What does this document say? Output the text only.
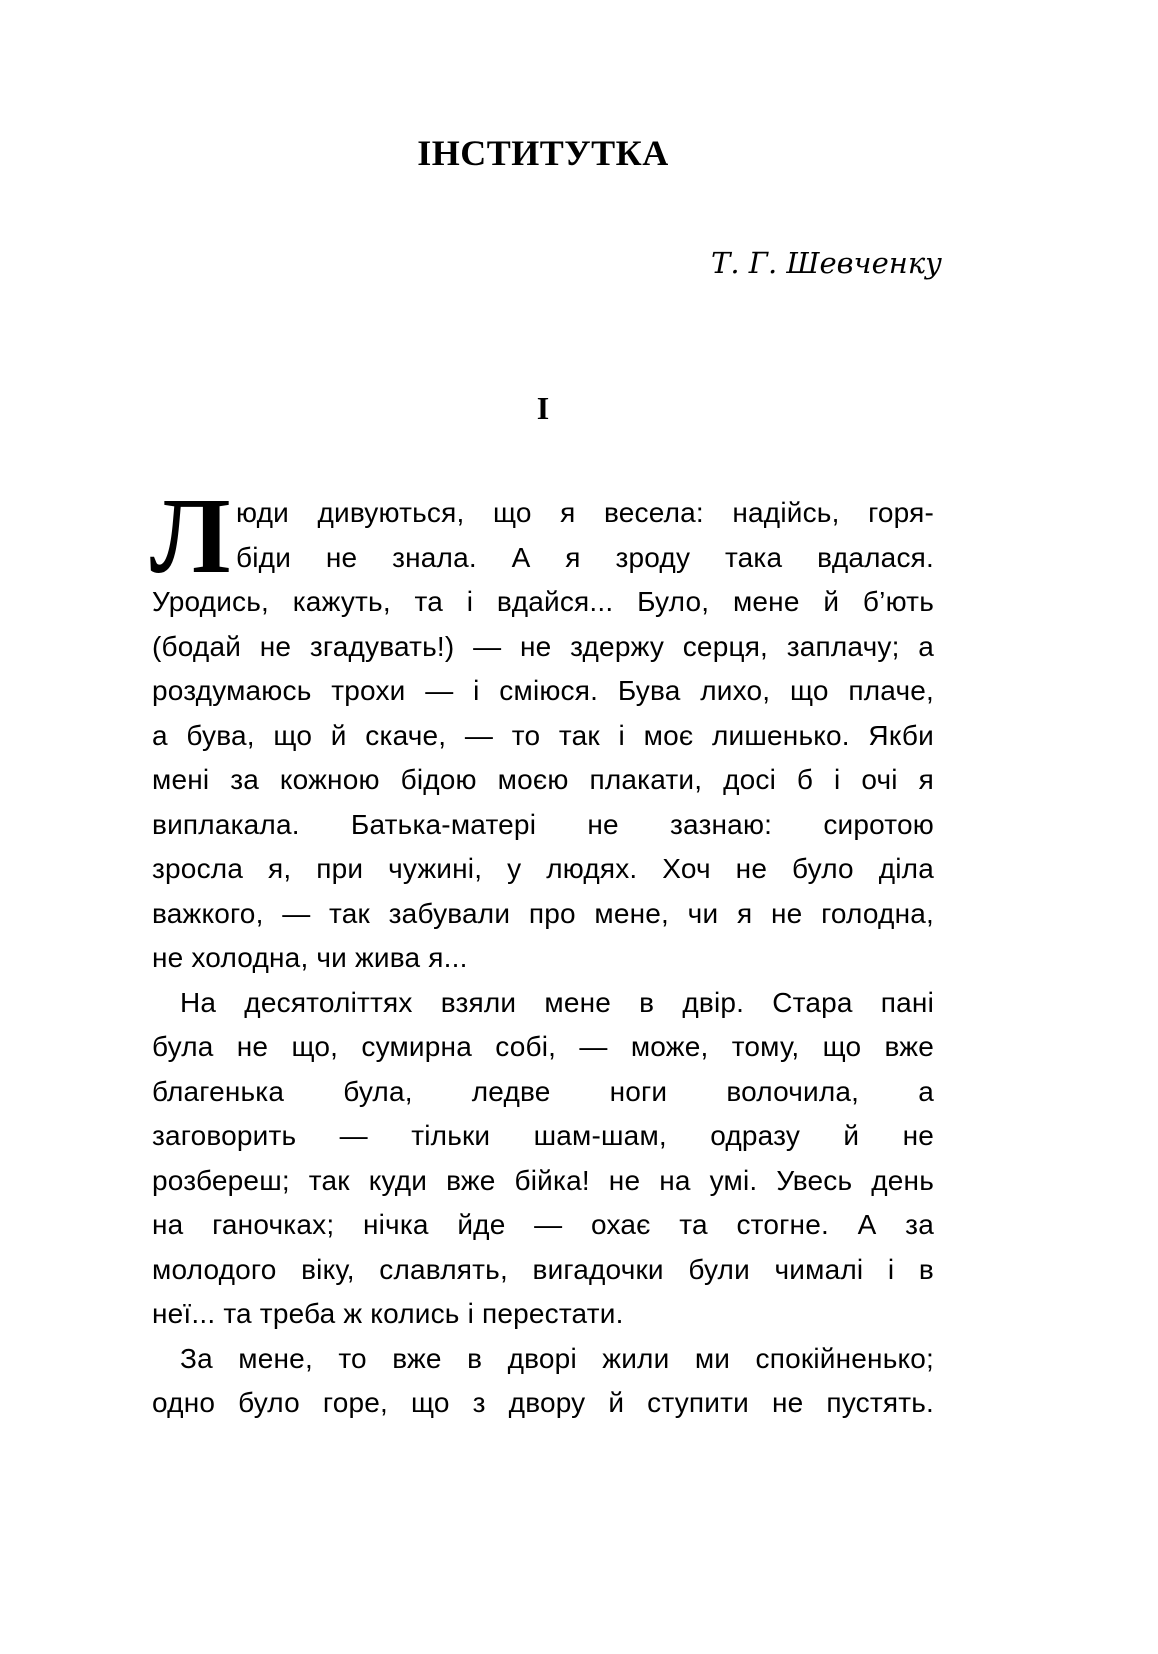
ІНСТИТУТКА
Т. Г. Шевченку
І
Л юди дивуються, що я весела: надійсь, горя-
біди не знала. А я зроду така вдалася.
Уродись, кажуть, та і вдайся... Було, мене й б’ють
(бодай не згадувать!) — не здержу серця, заплачу; а
роздумаюсь трохи — і сміюся. Бува лихо, що плаче,
а бува, що й скаче, — то так і моє лишенько. Якби
мені за кожною бідою моєю плакати, досі б і очі я
виплакала. Батька-матері не зазнаю: сиротою
зросла я, при чужині, у людях. Хоч не було діла
важкого, — так забували про мене, чи я не голодна,
не холодна, чи жива я...
На десятоліттях взяли мене в двір. Стара пані
була не що, сумирна собі, — може, тому, що вже
благенька була, ледве ноги волочила, а
заговорить — тільки шам-шам, одразу й не
розбереш; так куди вже бійка! не на умі. Увесь день
на ганочках; нічка йде — охає та стогне. А за
молодого віку, славлять, вигадочки були чималі і в
неї... та треба ж колись і перестати.
За мене, то вже в дворі жили ми спокійненько;
одно було горе, що з двору й ступити не пустять.
